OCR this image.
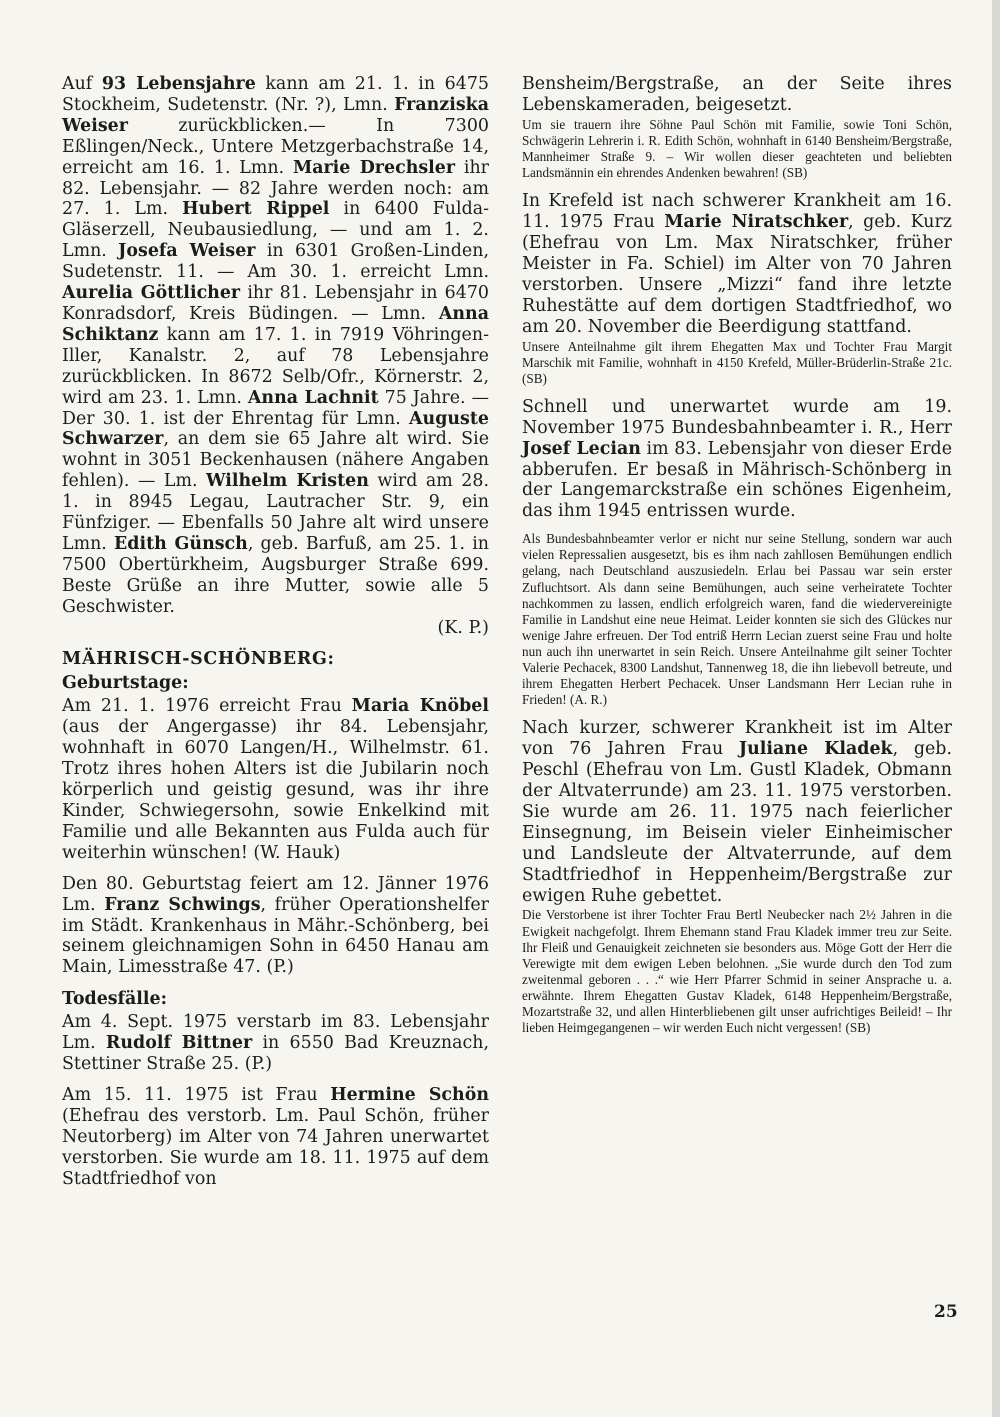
Auf 93 Lebensjahre kann am 21. 1. in 6475 Stockheim, Sudetenstr. (Nr. ?), Lmn. Franziska Weiser zurückblicken.— In 7300 Eßlingen/Neck., Untere Metzgerbachstraße 14, erreicht am 16. 1. Lmn. Marie Drechsler ihr 82. Lebensjahr. — 82 Jahre werden noch: am 27. 1. Lm. Hubert Rippel in 6400 Fulda-Gläserzell, Neubausiedlung, — und am 1. 2. Lmn. Josefa Weiser in 6301 Großen-Linden, Sudetenstr. 11. — Am 30. 1. erreicht Lmn. Aurelia Göttlicher ihr 81. Lebensjahr in 6470 Konradsdorf, Kreis Büdingen. — Lmn. Anna Schiktanz kann am 17. 1. in 7919 Vöhringen-Iller, Kanalstr. 2, auf 78 Lebensjahre zurückblicken. In 8672 Selb/Ofr., Körnerstr. 2, wird am 23. 1. Lmn. Anna Lachnit 75 Jahre. — Der 30. 1. ist der Ehrentag für Lmn. Auguste Schwarzer, an dem sie 65 Jahre alt wird. Sie wohnt in 3051 Beckenhausen (nähere Angaben fehlen). — Lm. Wilhelm Kristen wird am 28. 1. in 8945 Legau, Lautracher Str. 9, ein Fünfziger. — Ebenfalls 50 Jahre alt wird unsere Lmn. Edith Günsch, geb. Barfuß, am 25. 1. in 7500 Obertürkheim, Augsburger Straße 699. Beste Grüße an ihre Mutter, sowie alle 5 Geschwister.

(K. P.)

MÄHRISCH-SCHÖNBERG:
Geburtstage:

Am 21. 1. 1976 erreicht Frau Maria Knöbel (aus der Angergasse) ihr 84. Lebensjahr, wohnhaft in 6070 Langen/H., Wilhelmstr. 61. Trotz ihres hohen Alters ist die Jubilarin noch körperlich und geistig gesund, was ihr ihre Kinder, Schwiegersohn, sowie Enkelkind mit Familie und alle Bekannten aus Fulda auch für weiterhin wünschen! (W. Hauk)

Den 80. Geburtstag feiert am 12. Jänner 1976 Lm. Franz Schwings, früher Operationshelfer im Städt. Krankenhaus in Mähr.-Schönberg, bei seinem gleichnamigen Sohn in 6450 Hanau am Main, Limesstraße 47. (P.)

Todesfälle:

Am 4. Sept. 1975 verstarb im 83. Lebensjahr Lm. Rudolf Bittner in 6550 Bad Kreuznach, Stettiner Straße 25. (P.)

Am 15. 11. 1975 ist Frau Hermine Schön (Ehefrau des verstorb. Lm. Paul Schön, früher Neutorberg) im Alter von 74 Jahren unerwartet verstorben. Sie wurde am 18. 11. 1975 auf dem Stadtfriedhof von

Bensheim/Bergstraße, an der Seite ihres Lebenskameraden, beigesetzt.

Um sie trauern ihre Söhne Paul Schön mit Familie, sowie Toni Schön, Schwägerin Lehrerin i. R. Edith Schön, wohnhaft in 6140 Bensheim/Bergstraße, Mannheimer Straße 9. – Wir wollen dieser geachteten und beliebten Landsmännin ein ehrendes Andenken bewahren! (SB)

In Krefeld ist nach schwerer Krankheit am 16. 11. 1975 Frau Marie Niratschker, geb. Kurz (Ehefrau von Lm. Max Niratschker, früher Meister in Fa. Schiel) im Alter von 70 Jahren verstorben. Unsere „Mizzi“ fand ihre letzte Ruhestätte auf dem dortigen Stadtfriedhof, wo am 20. November die Beerdigung stattfand.

Unsere Anteilnahme gilt ihrem Ehegatten Max und Tochter Frau Margit Marschik mit Familie, wohnhaft in 4150 Krefeld, Müller-Brüderlin-Straße 21c. (SB)

Schnell und unerwartet wurde am 19. November 1975 Bundesbahnbeamter i. R., Herr Josef Lecian im 83. Lebensjahr von dieser Erde abberufen. Er besaß in Mährisch-Schönberg in der Langemarckstraße ein schönes Eigenheim, das ihm 1945 entrissen wurde.

Als Bundesbahnbeamter verlor er nicht nur seine Stellung, sondern war auch vielen Repressalien ausgesetzt, bis es ihm nach zahllosen Bemühungen endlich gelang, nach Deutschland auszusiedeln. Erlau bei Passau war sein erster Zufluchtsort. Als dann seine Bemühungen, auch seine verheiratete Tochter nachkommen zu lassen, endlich erfolgreich waren, fand die wiedervereinigte Familie in Landshut eine neue Heimat. Leider konnten sie sich des Glückes nur wenige Jahre erfreuen. Der Tod entriß Herrn Lecian zuerst seine Frau und holte nun auch ihn unerwartet in sein Reich. Unsere Anteilnahme gilt seiner Tochter Valerie Pechacek, 8300 Landshut, Tannenweg 18, die ihn liebevoll betreute, und ihrem Ehegatten Herbert Pechacek. Unser Landsmann Herr Lecian ruhe in Frieden! (A. R.)

Nach kurzer, schwerer Krankheit ist im Alter von 76 Jahren Frau Juliane Kladek, geb. Peschl (Ehefrau von Lm. Gustl Kladek, Obmann der Altvaterrunde) am 23. 11. 1975 verstorben. Sie wurde am 26. 11. 1975 nach feierlicher Einsegnung, im Beisein vieler Einheimischer und Landsleute der Altvaterrunde, auf dem Stadtfriedhof in Heppenheim/Bergstraße zur ewigen Ruhe gebettet.

Die Verstorbene ist ihrer Tochter Frau Bertl Neubecker nach 2½ Jahren in die Ewigkeit nachgefolgt. Ihrem Ehemann stand Frau Kladek immer treu zur Seite. Ihr Fleiß und Genauigkeit zeichneten sie besonders aus. Möge Gott der Herr die Verewigte mit dem ewigen Leben belohnen. „Sie wurde durch den Tod zum zweitenmal geboren . . .“ wie Herr Pfarrer Schmid in seiner Ansprache u. a. erwähnte. Ihrem Ehegatten Gustav Kladek, 6148 Heppenheim/Bergstraße, Mozartstraße 32, und allen Hinterbliebenen gilt unser aufrichtiges Beileid! – Ihr lieben Heimgegangenen – wir werden Euch nicht vergessen! (SB)

25
